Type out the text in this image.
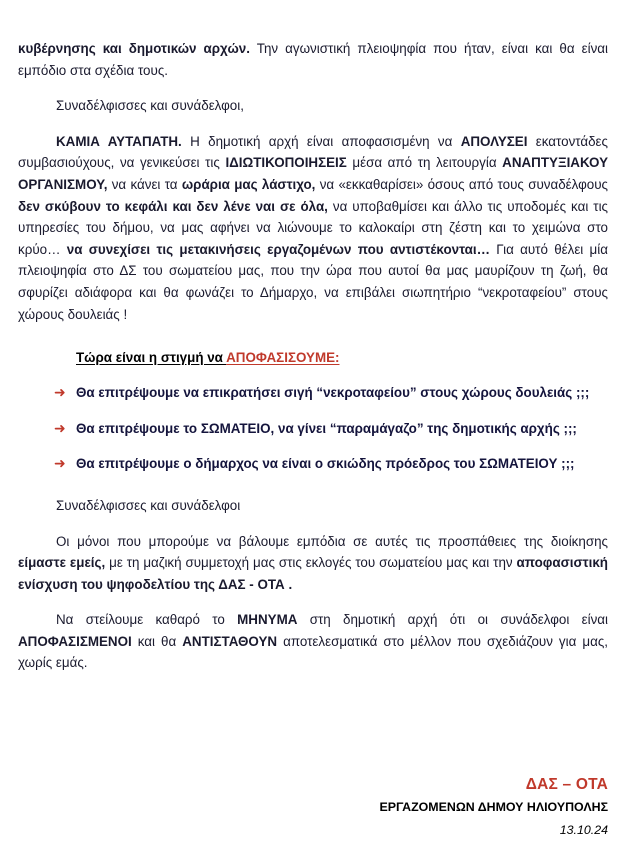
κυβέρνησης και δημοτικών αρχών. Την αγωνιστική πλειοψηφία που ήταν, είναι και θα είναι εμπόδιο στα σχέδια τους.

Συναδέλφισσες και συνάδελφοι,

ΚΑΜΙΑ ΑΥΤΑΠΑΤΗ. Η δημοτική αρχή είναι αποφασισμένη να ΑΠΟΛΥΣΕΙ εκατοντάδες συμβασιούχους, να γενικεύσει τις ΙΔΙΩΤΙΚΟΠΟΙΗΣΕΙΣ μέσα από τη λειτουργία ΑΝΑΠΤΥΞΙΑΚΟΥ ΟΡΓΑΝΙΣΜΟΥ, να κάνει τα ωράρια μας λάστιχο, να «εκκαθαρίσει» όσους από τους συναδέλφους δεν σκύβουν το κεφάλι και δεν λένε ναι σε όλα, να υποβαθμίσει και άλλο τις υποδομές και τις υπηρεσίες του δήμου, να μας αφήνει να λιώνουμε το καλοκαίρι στη ζέστη και το χειμώνα στο κρύο… να συνεχίσει τις μετακινήσεις εργαζομένων που αντιστέκονται… Για αυτό θέλει μία πλειοψηφία στο ΔΣ του σωματείου μας, που την ώρα που αυτοί θα μας μαυρίζουν τη ζωή, θα σφυρίζει αδιάφορα και θα φωνάζει το Δήμαρχο, να επιβάλει σιωπητήριο “νεκροταφείου” στους χώρους δουλειάς !

Τώρα είναι η στιγμή να ΑΠΟΦΑΣΙΣΟΥΜΕ:
➜ Θα επιτρέψουμε να επικρατήσει σιγή “νεκροταφείου” στους χώρους δουλειάς ;;;
➜ Θα επιτρέψουμε το ΣΩΜΑΤΕΙΟ, να γίνει “παραμάγαζο” της δημοτικής αρχής ;;;
➜ Θα επιτρέψουμε ο δήμαρχος να είναι ο σκιώδης πρόεδρος του ΣΩΜΑΤΕΙΟΥ ;;;

Συναδέλφισσες και συνάδελφοι

Οι μόνοι που μπορούμε να βάλουμε εμπόδια σε αυτές τις προσπάθειες της διοίκησης είμαστε εμείς, με τη μαζική συμμετοχή μας στις εκλογές του σωματείου μας και την αποφασιστική ενίσχυση του ψηφοδελτίου της ΔΑΣ - ΟΤΑ .

Να στείλουμε καθαρό το ΜΗΝΥΜΑ στη δημοτική αρχή ότι οι συνάδελφοι είναι ΑΠΟΦΑΣΙΣΜΕΝΟΙ και θα ΑΝΤΙΣΤΑΘΟΥΝ αποτελεσματικά στο μέλλον που σχεδιάζουν για μας, χωρίς εμάς.

ΔΑΣ – ΟΤΑ
ΕΡΓΑΖΟΜΕΝΩΝ ΔΗΜΟΥ ΗΛΙΟΥΠΟΛΗΣ
13.10.24
